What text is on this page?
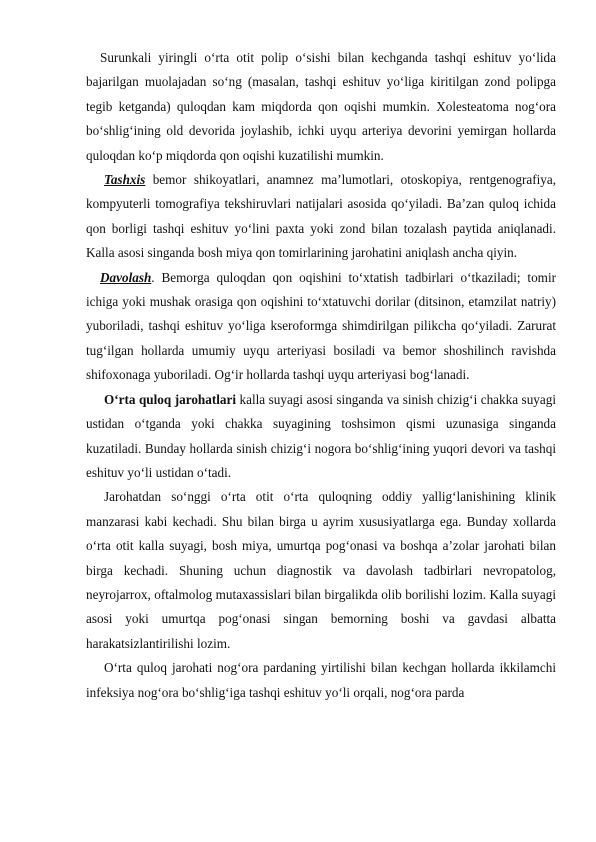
Surunkali yiringli o‘rta otit polip o‘sishi bilan kechganda tashqi eshituv yo‘lida bajarilgan muolajadan so‘ng (masalan, tashqi eshituv yo‘liga kiritilgan zond polipga tegib ketganda) quloqdan kam miqdorda qon oqishi mumkin. Xolesteatoma nog‘ora bo‘shlig‘ining old devorida joylashib, ichki uyqu arteriya devorini yemirgan hollarda quloqdan ko‘p miqdorda qon oqishi kuzatilishi mumkin.

Tashxis bemor shikoyatlari, anamnez ma’lumotlari, otoskopiya, rentgenografiya, kompyuterli tomografiya tekshiruvlari natijalari asosida qo‘yiladi. Ba’zan quloq ichida qon borligi tashqi eshituv yo‘lini paxta yoki zond bilan tozalash paytida aniqlanadi. Kalla asosi singanda bosh miya qon tomirlarining jarohatini aniqlash ancha qiyin.

Davolash. Bemorga quloqdan qon oqishini to‘xtatish tadbirlari o‘tkaziladi; tomir ichiga yoki mushak orasiga qon oqishini to‘xtatuvchi dorilar (ditsinon, etamzilat natriy) yuboriladi, tashqi eshituv yo‘liga kseroformga shimdirilgan pilikcha qo‘yiladi. Zarurat tug‘ilgan hollarda umumiy uyqu arteriyasi bosiladi va bemor shoshilinch ravishda shifoxonaga yuboriladi. Og‘ir hollarda tashqi uyqu arteriyasi bog‘lanadi.

O‘rta quloq jarohatlari kalla suyagi asosi singanda va sinish chizig‘i chakka suyagi ustidan o‘tganda yoki chakka suyagining toshsimon qismi uzunasiga singanda kuzatiladi. Bunday hollarda sinish chizig‘i nogora bo‘shlig‘ining yuqori devori va tashqi eshituv yo‘li ustidan o‘tadi.

Jarohatdan so‘nggi o‘rta otit o‘rta quloqning oddiy yallig‘lanishining klinik manzarasi kabi kechadi. Shu bilan birga u ayrim xususiyatlarga ega. Bunday xollarda o‘rta otit kalla suyagi, bosh miya, umurtqa pog‘onasi va boshqa a’zolar jarohati bilan birga kechadi. Shuning uchun diagnostik va davolash tadbirlari nevropatolog, neyrojarrox, oftalmolog mutaxassislari bilan birgalikda olib borilishi lozim. Kalla suyagi asosi yoki umurtqa pog‘onasi singan bemorning boshi va gavdasi albatta harakatsizlantirilishi lozim.

O‘rta quloq jarohati nog‘ora pardaning yirtilishi bilan kechgan hollarda ikkilamchi infeksiya nog‘ora bo‘shlig‘iga tashqi eshituv yo‘li orqali, nog‘ora parda
